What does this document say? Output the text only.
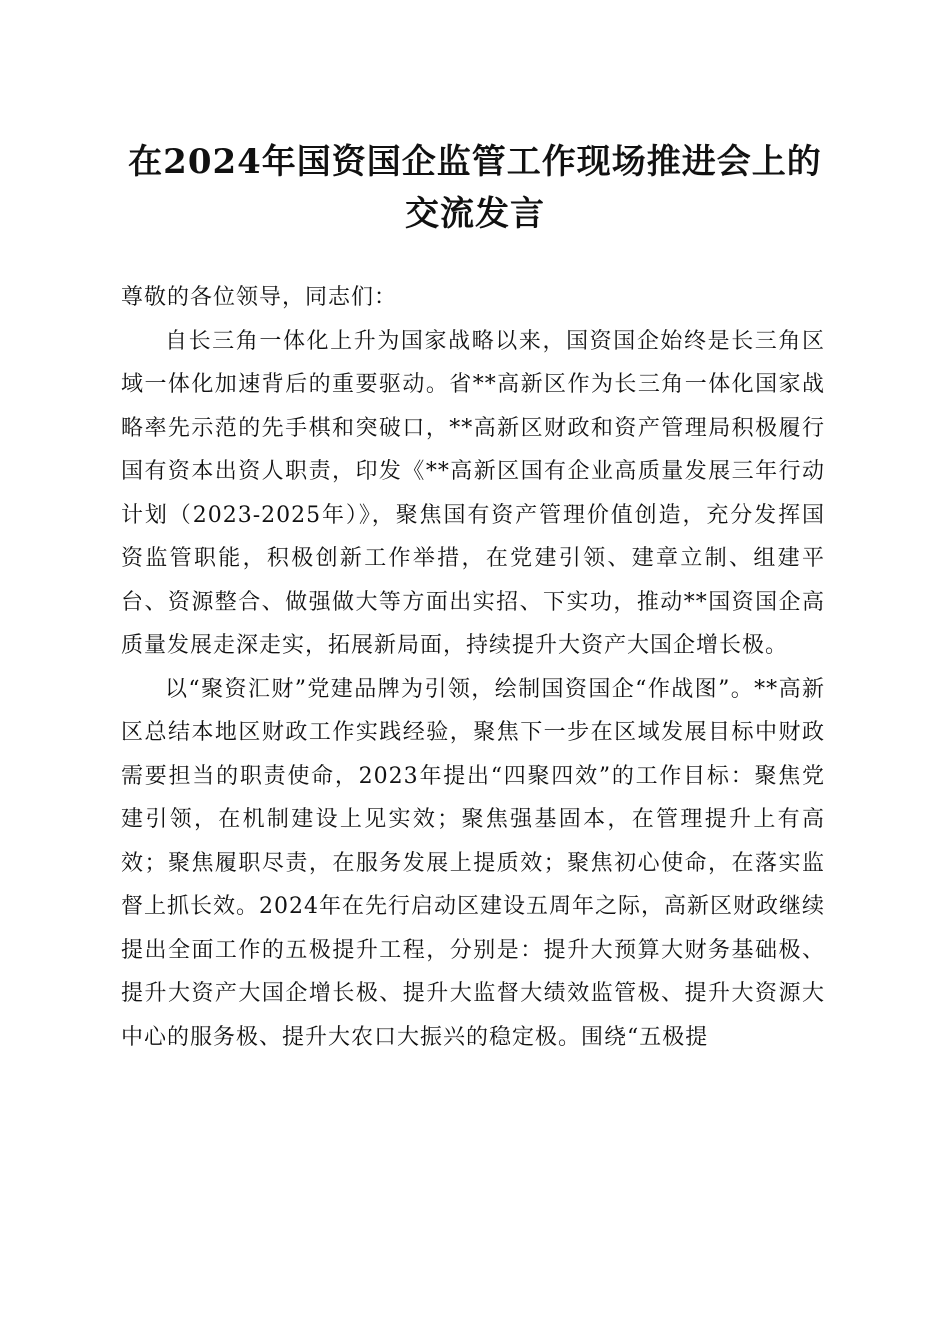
在2024年国资国企监管工作现场推进会上的
交流发言

尊敬的各位领导，同志们：

自长三角一体化上升为国家战略以来，国资国企始终是长三角区域一体化加速背后的重要驱动。省**高新区作为长三角一体化国家战略率先示范的先手棋和突破口，**高新区财政和资产管理局积极履行国有资本出资人职责，印发《**高新区国有企业高质量发展三年行动计划（2023-2025年）》，聚焦国有资产管理价值创造，充分发挥国资监管职能，积极创新工作举措，在党建引领、建章立制、组建平台、资源整合、做强做大等方面出实招、下实功，推动**国资国企高质量发展走深走实，拓展新局面，持续提升大资产大国企增长极。

以“聚资汇财”党建品牌为引领，绘制国资国企“作战图”。**高新区总结本地区财政工作实践经验，聚焦下一步在区域发展目标中财政需要担当的职责使命，2023年提出“四聚四效”的工作目标：聚焦党建引领，在机制建设上见实效；聚焦强基固本，在管理提升上有高效；聚焦履职尽责，在服务发展上提质效；聚焦初心使命，在落实监督上抓长效。2024年在先行启动区建设五周年之际，高新区财政继续提出全面工作的五极提升工程，分别是：提升大预算大财务基础极、提升大资产大国企增长极、提升大监督大绩效监管极、提升大资源大中心的服务极、提升大农口大振兴的稳定极。围绕“五极提
